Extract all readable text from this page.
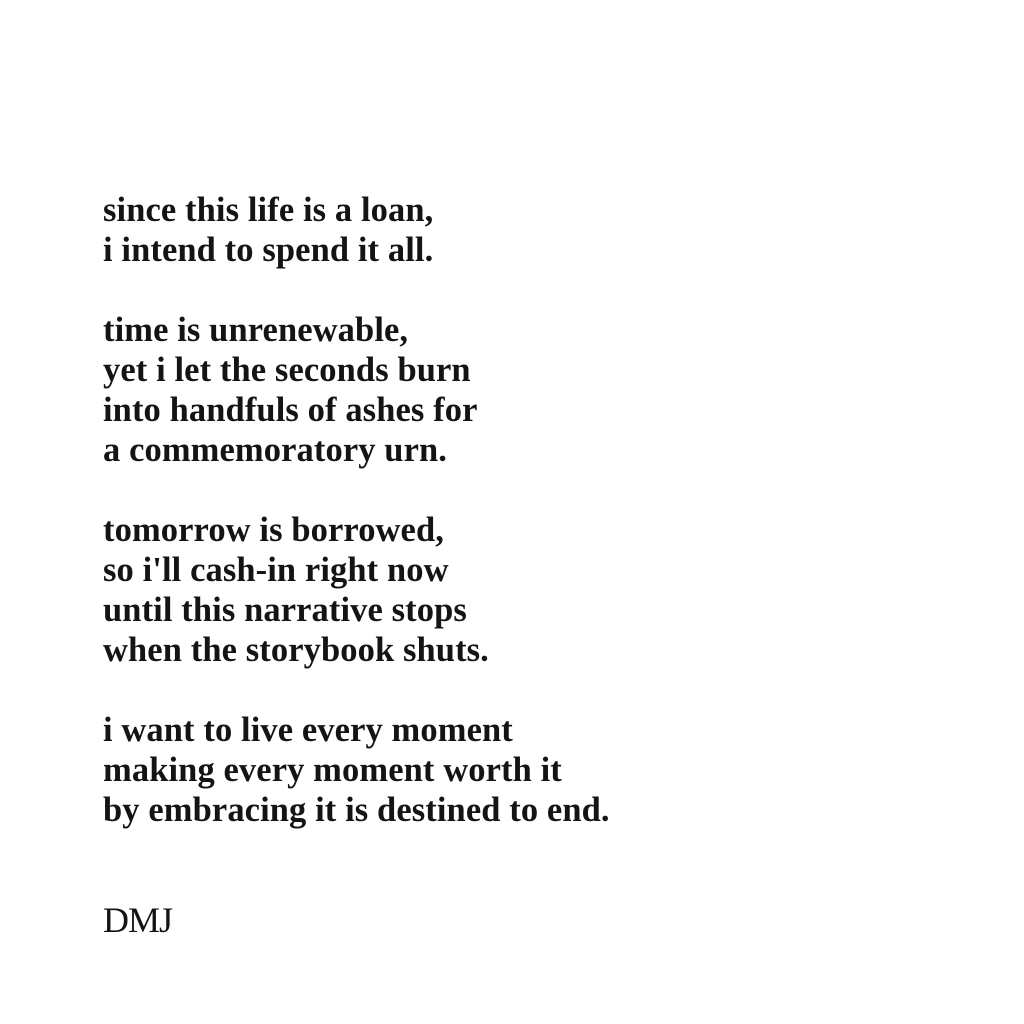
since this life is a loan,
i intend to spend it all.
time is unrenewable,
yet i let the seconds burn
into handfuls of ashes for
a commemoratory urn.
tomorrow is borrowed,
so i'll cash-in right now
until this narrative stops
when the storybook shuts.
i want to live every moment
making every moment worth it
by embracing it is destined to end.
DMJ
